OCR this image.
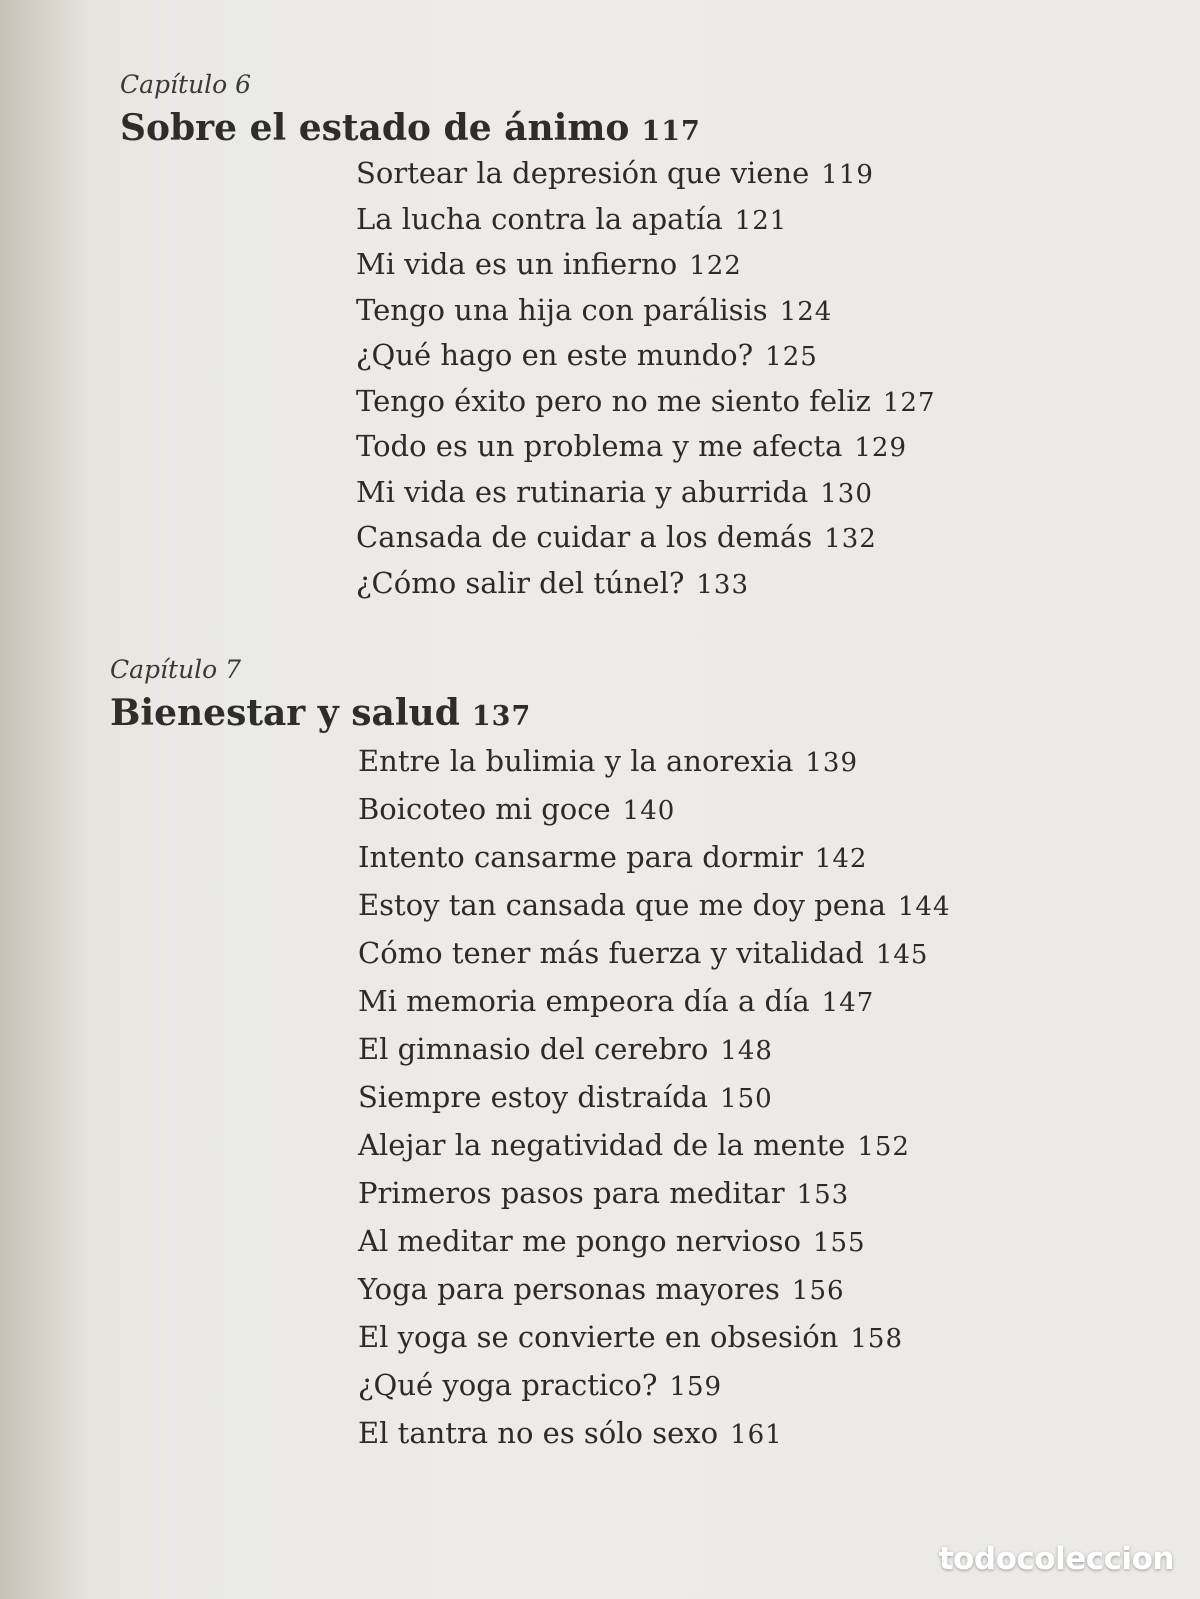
Capítulo 6

Sobre el estado de ánimo 117
Sortear la depresión que viene 119
La lucha contra la apatía 121
Mi vida es un infierno 122
Tengo una hija con parálisis 124
¿Qué hago en este mundo? 125
Tengo éxito pero no me siento feliz 127
Todo es un problema y me afecta 129
Mi vida es rutinaria y aburrida 130
Cansada de cuidar a los demás 132
¿Cómo salir del túnel? 133

Capítulo 7

Bienestar y salud 137
Entre la bulimia y la anorexia 139
Boicoteo mi goce 140
Intento cansarme para dormir 142
Estoy tan cansada que me doy pena 144
Cómo tener más fuerza y vitalidad 145
Mi memoria empeora día a día 147
El gimnasio del cerebro 148
Siempre estoy distraída 150
Alejar la negatividad de la mente 152
Primeros pasos para meditar 153
Al meditar me pongo nervioso 155
Yoga para personas mayores 156
El yoga se convierte en obsesión 158
¿Qué yoga practico? 159
El tantra no es sólo sexo 161
todocoleccion
